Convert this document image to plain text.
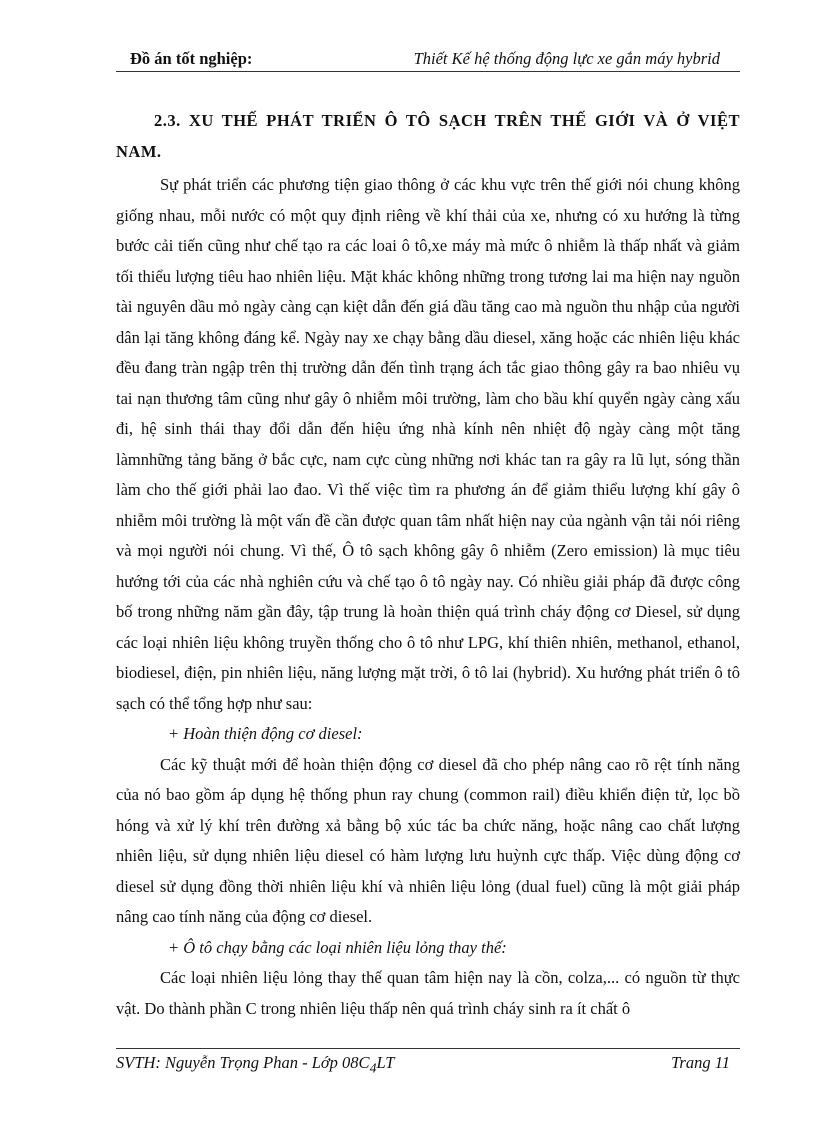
Đồ án tốt nghiệp:	Thiết Kế hệ thống động lực xe gắn máy hybrid
2.3. XU THẾ PHÁT TRIỂN Ô TÔ SẠCH TRÊN THẾ GIỚI VÀ Ở VIỆT NAM.

Sự phát triển các phương tiện giao thông ở các khu vực trên thế giới nói chung không giống nhau, mỗi nước có một quy định riêng về khí thải của xe, nhưng có xu hướng là từng bước cải tiến cũng như chế tạo ra các loai ô tô,xe máy mà mức ô nhiễm là thấp nhất và giảm tối thiểu lượng tiêu hao nhiên liệu. Mặt khác không những trong tương lai ma hiện nay nguồn tài nguyên dầu mỏ ngày càng cạn kiệt dẫn đến giá dầu tăng cao mà nguồn thu nhập của người dân lại tăng không đáng kể. Ngày nay xe chạy bằng dầu diesel, xăng hoặc các nhiên liệu khác đều đang tràn ngập trên thị trường dẫn đến tình trạng ách tắc giao thông gây ra bao nhiêu vụ tai nạn thương tâm cũng như gây ô nhiễm môi trường, làm cho bầu khí quyển ngày càng xấu đi, hệ sinh thái thay đổi dẫn đến hiệu ứng nhà kính nên nhiệt độ ngày càng một tăng làmnhững tảng băng ở bắc cực, nam cực cùng những nơi khác tan ra gây ra lũ lụt, sóng thần làm cho thế giới phải lao đao. Vì thế việc tìm ra phương án để giảm thiểu lượng khí gây ô nhiễm môi trường là một vấn đề cần được quan tâm nhất hiện nay của ngành vận tải nói riêng và mọi người nói chung. Vì thế, Ô tô sạch không gây ô nhiễm (Zero emission) là mục tiêu hướng tới của các nhà nghiên cứu và chế tạo ô tô ngày nay. Có nhiều giải pháp đã được công bố trong những năm gần đây, tập trung là hoàn thiện quá trình cháy động cơ Diesel, sử dụng các loại nhiên liệu không truyền thống cho ô tô như LPG, khí thiên nhiên, methanol, ethanol, biodiesel, điện, pin nhiên liệu, năng lượng mặt trời, ô tô lai (hybrid). Xu hướng phát triển ô tô sạch có thể tổng hợp như sau:

+ Hoàn thiện động cơ diesel:

Các kỹ thuật mới để hoàn thiện động cơ diesel đã cho phép nâng cao rõ rệt tính năng của nó bao gồm áp dụng hệ thống phun ray chung (common rail) điều khiển điện tử, lọc bồ hóng và xử lý khí trên đường xả bằng bộ xúc tác ba chức năng, hoặc nâng cao chất lượng nhiên liệu, sử dụng nhiên liệu diesel có hàm lượng lưu huỳnh cực thấp. Việc dùng động cơ diesel sử dụng đồng thời nhiên liệu khí và nhiên liệu lỏng (dual fuel) cũng là một giải pháp nâng cao tính năng của động cơ diesel.

+ Ô tô chạy bằng các loại nhiên liệu lỏng thay thế:

Các loại nhiên liệu lỏng thay thế quan tâm hiện nay là cồn, colza,... có nguồn từ thực vật. Do thành phần C trong nhiên liệu thấp nên quá trình cháy sinh ra ít chất ô

SVTH: Nguyễn Trọng Phan - Lớp $08C_4LT$	Trang 11
